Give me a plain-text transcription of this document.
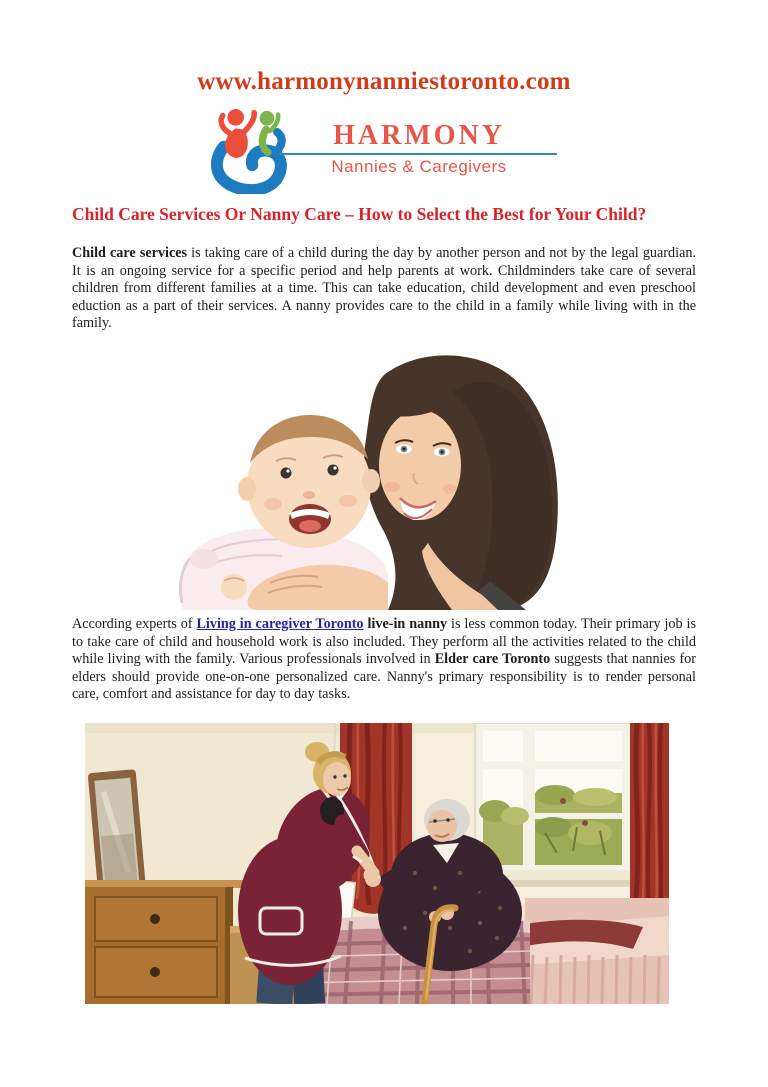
www.harmonynanniestoronto.com
HARMONY
Nannies & Caregivers
Child Care Services Or Nanny Care – How to Select the Best for Your Child?
Child care services is taking care of a child during the day by another person and not by the legal guardian. It is an ongoing service for a specific period and help parents at work. Childminders take care of several children from different families at a time. This can take education, child development and even preschool eduction as a part of their services. A nanny provides care to the child in a family while living with in the family.
According experts of Living in caregiver Toronto live-in nanny is less common today. Their primary job is to take care of child and household work is also included. They perform all the activities related to the child while living with the family. Various professionals involved in Elder care Toronto suggests that nannies for elders should provide one-on-one personalized care. Nanny's primary responsibility is to render personal care, comfort and assistance for day to day tasks.
